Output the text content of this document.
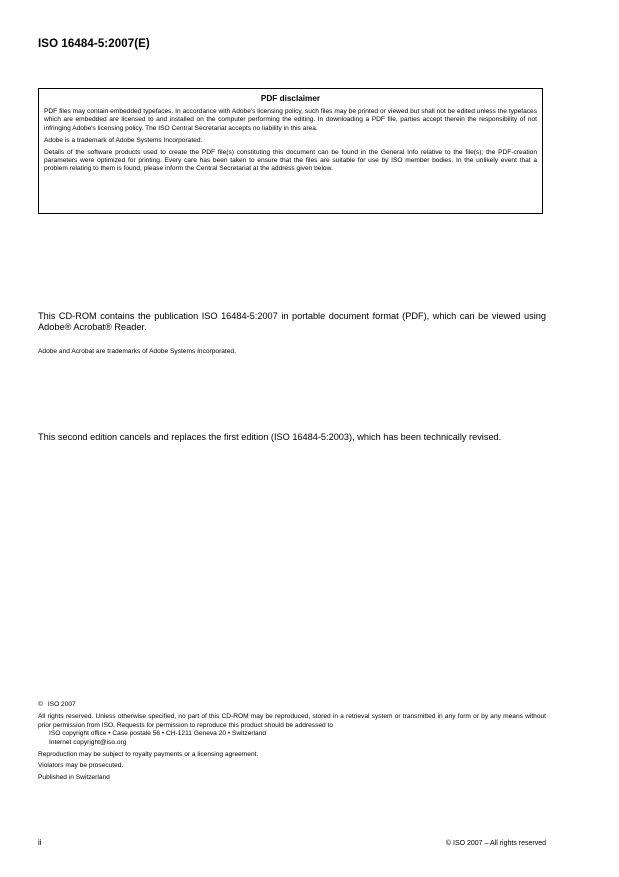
ISO 16484-5:2007(E)
PDF disclaimer

PDF files may contain embedded typefaces. In accordance with Adobe's licensing policy, such files may be printed or viewed but shall not be edited unless the typefaces which are embedded are licensed to and installed on the computer performing the editing. In downloading a PDF file, parties accept therein the responsibility of not infringing Adobe's licensing policy. The ISO Central Secretariat accepts no liability in this area.

Adobe is a trademark of Adobe Systems Incorporated.

Details of the software products used to create the PDF file(s) constituting this document can be found in the General Info relative to the file(s); the PDF-creation parameters were optimized for printing. Every care has been taken to ensure that the files are suitable for use by ISO member bodies. In the unlikely event that a problem relating to them is found, please inform the Central Secretariat at the address given below.

This CD-ROM contains the publication ISO 16484-5:2007 in portable document format (PDF), which can be viewed using Adobe® Acrobat® Reader.

Adobe and Acrobat are trademarks of Adobe Systems Incorporated.

This second edition cancels and replaces the first edition (ISO 16484-5:2003), which has been technically revised.

© ISO 2007

All rights reserved. Unless otherwise specified, no part of this CD-ROM may be reproduced, stored in a retrieval system or transmitted in any form or by any means without prior permission from ISO. Requests for permission to reproduce this product should be addressed to

ISO copyright office • Case postale 56 • CH-1211 Geneva 20 • Switzerland
Internet copyright@iso.org

Reproduction may be subject to royalty payments or a licensing agreement.

Violators may be prosecuted.

Published in Switzerland

ii	© ISO 2007 – All rights reserved
